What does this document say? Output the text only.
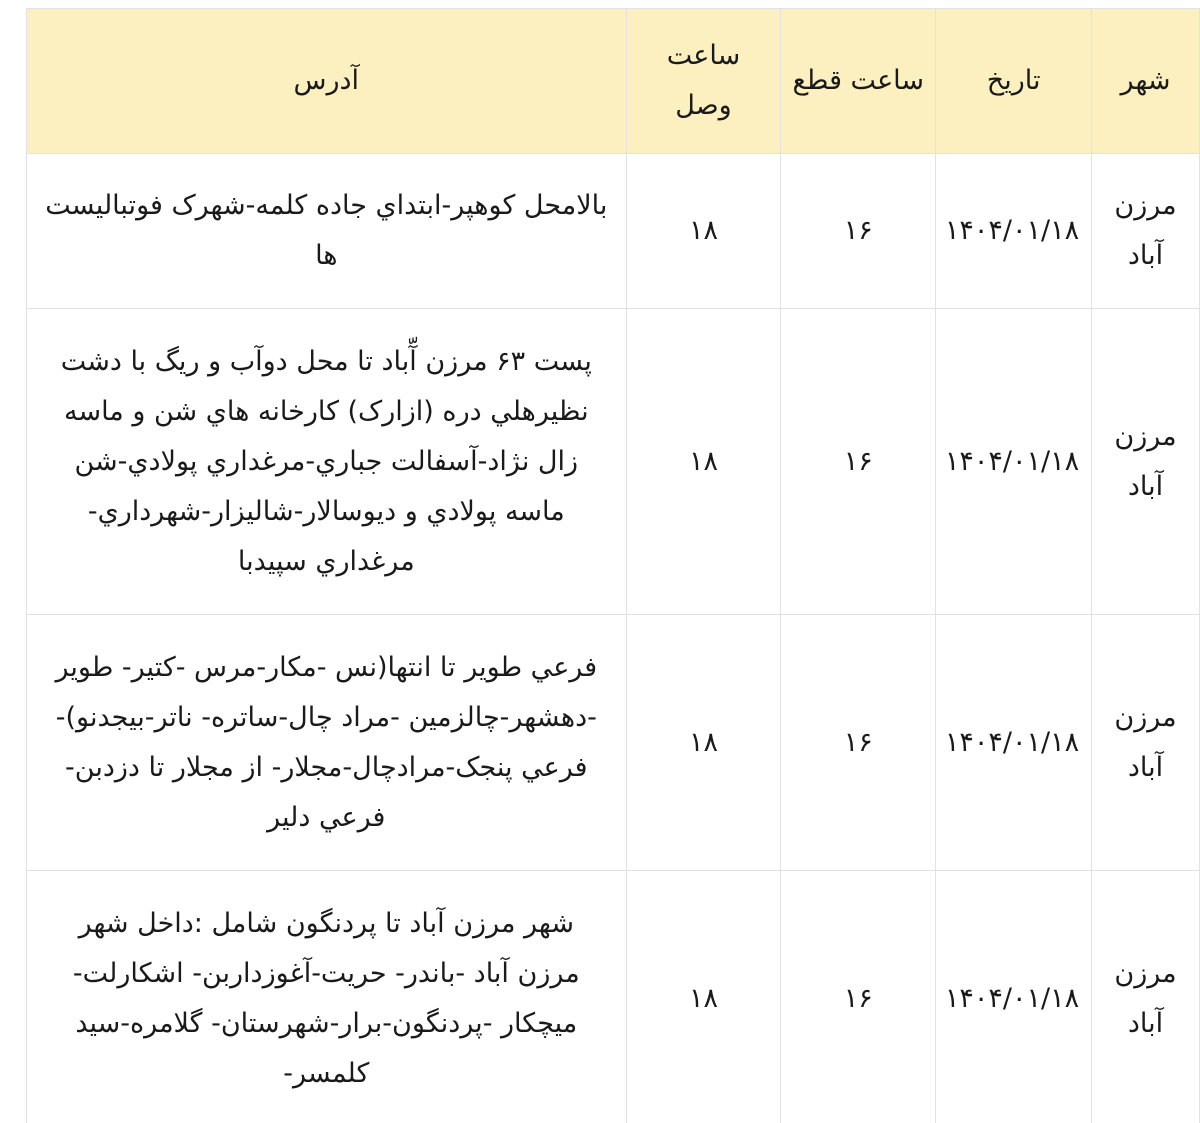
شهر	تاریخ	ساعت قطع	ساعت وصل	آدرس
مرزن آباد	۱۴۰۴/۰۱/۱۸	۱۶	۱۸	بالامحل کوهپر-ابتداي جاده کلمه-شهرک فوتبالیست ها
مرزن آباد	۱۴۰۴/۰۱/۱۸	۱۶	۱۸	پست ۶۳ مرزن آّباد تا محل دوآب و ريگ با دشت نظيرهلي دره (ازارک) کارخانه هاي شن و ماسه زال نژاد-آسفالت جباري-مرغداري پولادي-شن ماسه پولادي و ديوسالار-شاليزار-شهرداري-مرغداري سپيدبا
مرزن آباد	۱۴۰۴/۰۱/۱۸	۱۶	۱۸	فرعي طوير تا انتها(نس -مکار-مرس -کتير- طوير -دهشهر-چالزمين -مراد چال-ساتره- ناتر-بيجدنو)- فرعي پنجک-مرادچال-مجلار- از مجلار تا دزدبن-فرعي دلير
مرزن آباد	۱۴۰۴/۰۱/۱۸	۱۶	۱۸	شهر مرزن آباد تا پردنگون شامل :داخل شهر مرزن آباد -باندر- حريت-آغوزداربن- اشکارلت-ميچکار -پردنگون-برار-شهرستان- گلامره-سيد کلمسر-
